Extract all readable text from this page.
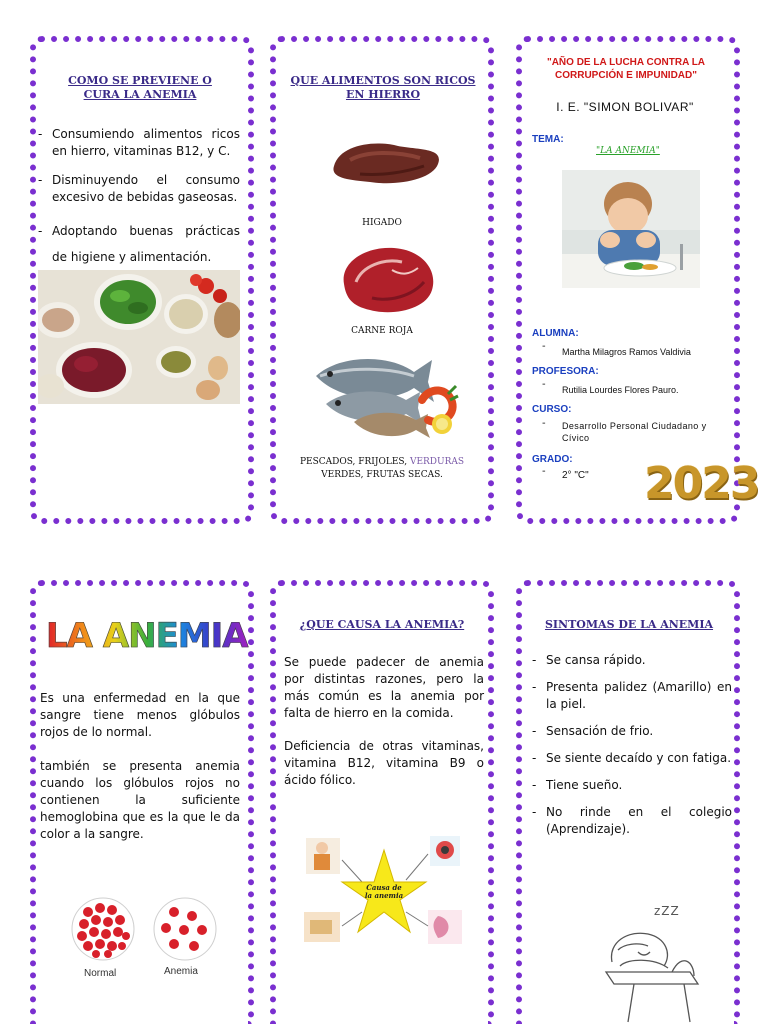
COMO SE PREVIENE O CURA LA ANEMIA
- Consumiendo alimentos ricos en hierro, vitaminas B12, y C.
- Disminuyendo el consumo excesivo de bebidas gaseosas.
- Adoptando buenas prácticas de higiene y alimentación.
QUE ALIMENTOS SON RICOS EN HIERRO
HIGADO
CARNE ROJA
PESCADOS, FRIJOLES, VERDURAS
VERDES, FRUTAS SECAS.
"AÑO DE LA LUCHA CONTRA LA CORRUPCIÓN E IMPUNIDAD"
I. E. "SIMON BOLIVAR"
TEMA:
"LA ANEMIA"
ALUMNA:
- Martha Milagros Ramos Valdivia
PROFESORA:
- Rutilia Lourdes Flores Pauro.
CURSO:
- Desarrollo Personal Ciudadano y Cívico
GRADO:
- 2° "C" 2023
LA ANEMIA

Es una enfermedad en la que sangre tiene menos glóbulos rojos de lo normal.

también se presenta anemia cuando los glóbulos rojos no contienen la suficiente hemoglobina que es la que le da color a la sangre.

Normal	Anemia
¿QUE CAUSA LA ANEMIA?

Se puede padecer de anemia por distintas razones, pero la más común es la anemia por falta de hierro en la comida.

Deficiencia de otras vitaminas, vitamina B12, vitamina B9 o ácido fólico.

Causa de la anemia
SINTOMAS DE LA ANEMIA
- Se cansa rápido.
- Presenta palidez (Amarillo) en la piel.
- Sensación de frio.
- Se siente decaído y con fatiga.
- Tiene sueño.
- No rinde en el colegio (Aprendizaje).
zZZ
